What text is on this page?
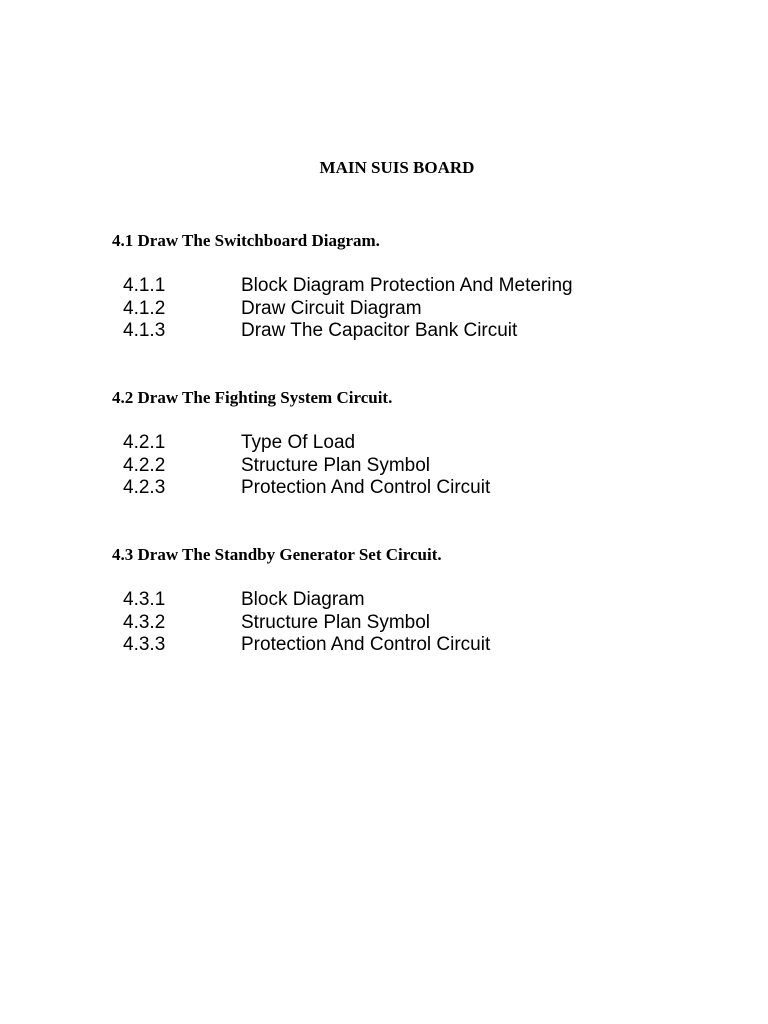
MAIN SUIS BOARD
4.1 Draw The Switchboard Diagram.
4.1.1	Block Diagram Protection And Metering
4.1.2	Draw Circuit Diagram
4.1.3	Draw The Capacitor Bank Circuit
4.2 Draw The Fighting System Circuit.
4.2.1	Type Of Load
4.2.2	Structure Plan Symbol
4.2.3	Protection And Control Circuit
4.3 Draw The Standby Generator Set Circuit.
4.3.1	Block Diagram
4.3.2	Structure Plan Symbol
4.3.3	Protection And Control Circuit
